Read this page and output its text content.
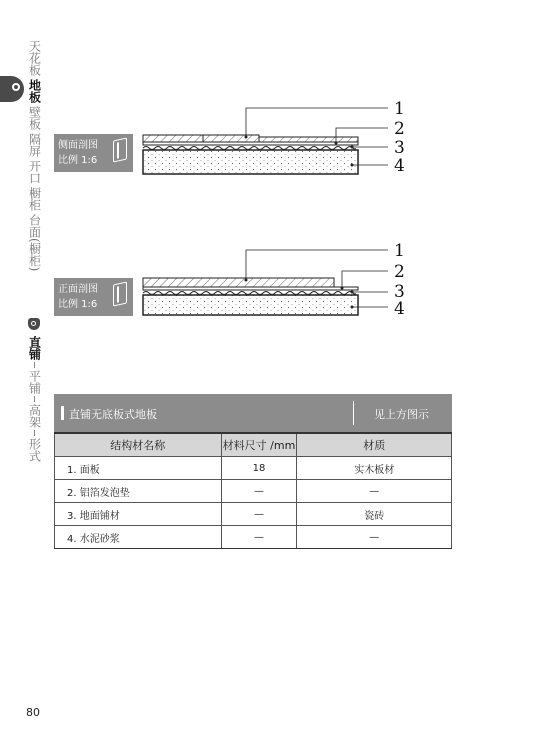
天花板
地板
壁板
隔屏
开口
橱柜
台面(橱柜)
直铺
平铺
高架
形式
侧面剖图
比例 1:6
1
2
3
4
正面剖图
比例 1:6
1
2
3
4
直铺无底板式地板	见上方图示
结构材名称	材料尺寸 /mm	材质
1. 面板	18	实木板材
2. 铝箔发泡垫	—	—
3. 地面铺材	—	瓷砖
4. 水泥砂浆	—	—
80
